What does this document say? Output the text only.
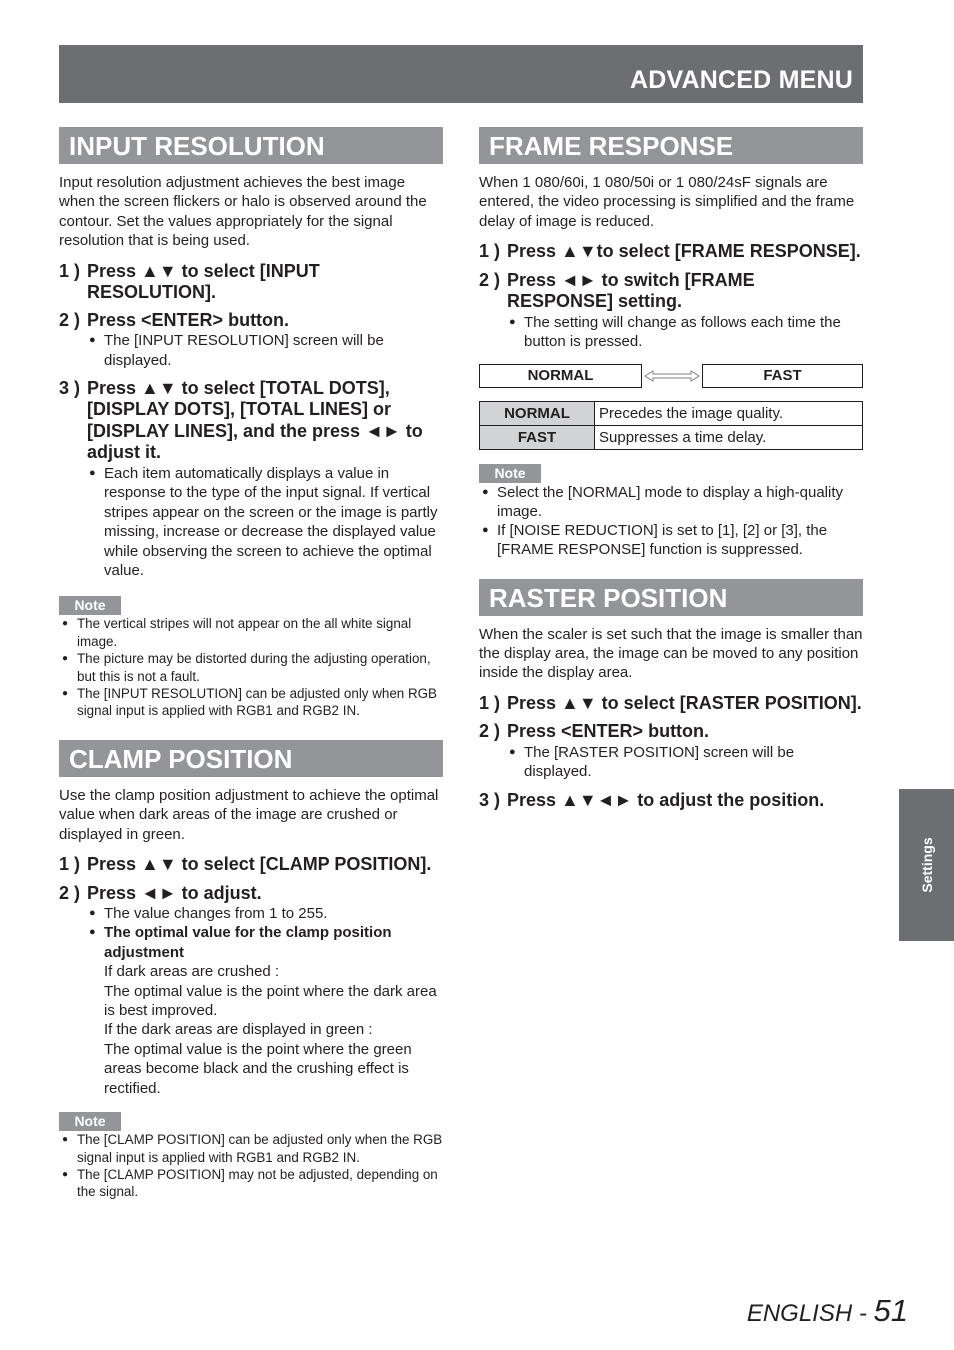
ADVANCED MENU
INPUT RESOLUTION
Input resolution adjustment achieves the best image when the screen flickers or halo is observed around the contour. Set the values appropriately for the signal resolution that is being used.
1 ) Press ▲▼ to select [INPUT RESOLUTION].
2 ) Press <ENTER> button.
● The [INPUT RESOLUTION] screen will be displayed.
3 ) Press ▲▼ to select [TOTAL DOTS], [DISPLAY DOTS], [TOTAL LINES] or [DISPLAY LINES], and the press ◄► to adjust it.
● Each item automatically displays a value in response to the type of the input signal. If vertical stripes appear on the screen or the image is partly missing, increase or decrease the displayed value while observing the screen to achieve the optimal value.
Note
● The vertical stripes will not appear on the all white signal image.
● The picture may be distorted during the adjusting operation, but this is not a fault.
● The [INPUT RESOLUTION] can be adjusted only when RGB signal input is applied with RGB1 and RGB2 IN.
CLAMP POSITION
Use the clamp position adjustment to achieve the optimal value when dark areas of the image are crushed or displayed in green.
1 ) Press ▲▼ to select [CLAMP POSITION].
2 ) Press ◄► to adjust.
● The value changes from 1 to 255.
● The optimal value for the clamp position adjustment
If dark areas are crushed :
The optimal value is the point where the dark area is best improved.
If the dark areas are displayed in green :
The optimal value is the point where the green areas become black and the crushing effect is rectified.
Note
● The [CLAMP POSITION] can be adjusted only when the RGB signal input is applied with RGB1 and RGB2 IN.
● The [CLAMP POSITION] may not be adjusted, depending on the signal.
FRAME RESPONSE
When 1 080/60i, 1 080/50i or 1 080/24sF signals are entered, the video processing is simplified and the frame delay of image is reduced.
1 ) Press ▲▼to select [FRAME RESPONSE].
2 ) Press ◄► to switch [FRAME RESPONSE] setting.
● The setting will change as follows each time the button is pressed.
NORMAL	FAST
NORMAL	Precedes the image quality.
FAST	Suppresses a time delay.
Note
● Select the [NORMAL] mode to display a high-quality image.
● If [NOISE REDUCTION] is set to [1], [2] or [3], the [FRAME RESPONSE] function is suppressed.
RASTER POSITION
When the scaler is set such that the image is smaller than the display area, the image can be moved to any position inside the display area.
1 ) Press ▲▼ to select [RASTER POSITION].
2 ) Press <ENTER> button.
● The [RASTER POSITION] screen will be displayed.
3 ) Press ▲▼◄► to adjust the position.
Settings
ENGLISH - 51
